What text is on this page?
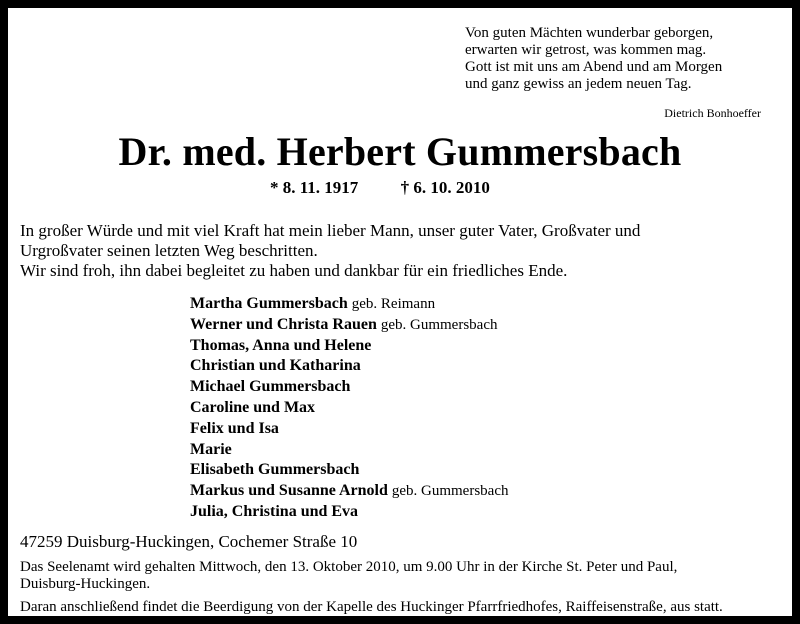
Von guten Mächten wunderbar geborgen,
erwarten wir getrost, was kommen mag.
Gott ist mit uns am Abend und am Morgen
und ganz gewiss an jedem neuen Tag.
Dietrich Bonhoeffer
Dr. med. Herbert Gummersbach
* 8. 11. 1917 † 6. 10. 2010
In großer Würde und mit viel Kraft hat mein lieber Mann, unser guter Vater, Großvater und
Urgroßvater seinen letzten Weg beschritten.
Wir sind froh, ihn dabei begleitet zu haben und dankbar für ein friedliches Ende.
Martha Gummersbach geb. Reimann
Werner und Christa Rauen geb. Gummersbach
Thomas, Anna und Helene
Christian und Katharina
Michael Gummersbach
Caroline und Max
Felix und Isa
Marie
Elisabeth Gummersbach
Markus und Susanne Arnold geb. Gummersbach
Julia, Christina und Eva
47259 Duisburg-Huckingen, Cochemer Straße 10
Das Seelenamt wird gehalten Mittwoch, den 13. Oktober 2010, um 9.00 Uhr in der Kirche St. Peter und Paul,
Duisburg-Huckingen.
Daran anschließend findet die Beerdigung von der Kapelle des Huckinger Pfarrfriedhofes, Raiffeisenstraße, aus statt.
